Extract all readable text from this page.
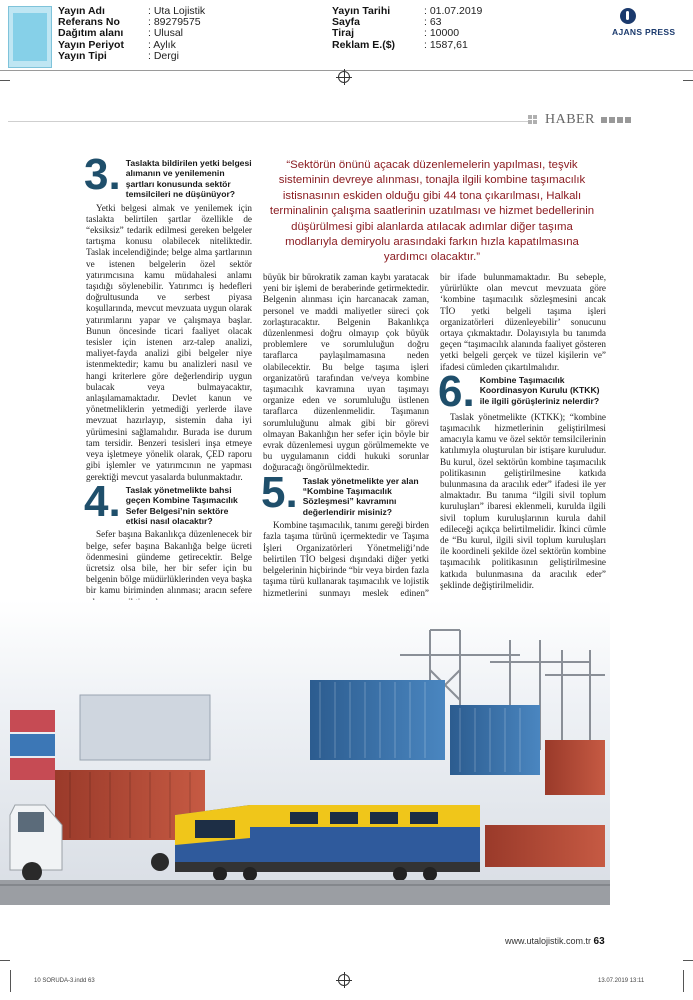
Yayın Adı	: Uta Lojistik
Referans No	: 89279575
Dağıtım alanı	: Ulusal
Yayın Periyot	: Aylık
Yayın Tipi	: Dergi
Yayın Tarihi	: 01.07.2019
Sayfa	: 63
Tiraj	: 10000
Reklam E.($)	: 1587,61
AJANS PRESS
HABER
3. Taslakta bildirilen yetki belgesi alımanın ve yenilemenin şartları konusunda sektör temsilcileri ne düşünüyor?

Yetki belgesi almak ve yenilemek için taslakta belirtilen şartlar özellikle de “eksiksiz” tedarik edilmesi gereken belgeler tartışma konusu olabilecek niteliktedir. Taslak incelendiğinde; belge alma şartlarının ve istenen belgelerin özel sektör yatırımcısına kamu müdahalesi anlamı taşıdığı söylenebilir. Yatırımcı iş hedefleri doğrultusunda ve serbest piyasa koşullarında, mevcut mevzuata uygun olarak yatırımlarını yapar ve çalışmaya başlar. Bunun öncesinde ticari faaliyet olacak tesisler için istenen arz-talep analizi, maliyet-fayda analizi gibi belgeler niye istenmektedir; kamu bu analizleri nasıl ve hangi kriterlere göre değerlendirip uygun bulacak veya bulmayacaktır, anlaşılamamaktadır. Devlet kanun ve yönetmeliklerin yetmediği yerlerde ilave mevzuat hazırlayıp, sistemin daha iyi yürümesini sağlamalıdır. Burada ise durum tam tersidir. Benzeri tesisleri inşa etmeye veya işletmeye yönelik olarak, ÇED raporu gibi işlemler ve yatırımcının ne yapması gerektiği mevcut yasalarda bulunmaktadır.

4. Taslak yönetmelikte bahsi geçen Kombine Taşımacılık Sefer Belgesi’nin sektöre etkisi nasıl olacaktır?

Sefer başına Bakanlıkça düzenlenecek bir belge, sefer başına Bakanlığa belge ücreti ödenmesini gündeme getirecektir. Belge ücretsiz olsa bile, her bir sefer için bu belgenin bölge müdürlüklerinden veya başka bir kamu biriminden alınması; aracın sefere

“Sektörün önünü açacak düzenlemelerin yapılması, teşvik sisteminin devreye alınması, tonajla ilgili kombine taşımacılık istisnasının eskiden olduğu gibi 44 tona çıkarılması, Halkalı terminalinin çalışma saatlerinin uzatılması ve hizmet bedellerinin düşürülmesi gibi alanlarda atılacak adımlar diğer taşıma modlarıyla demiryolu arasındaki farkın hızla kapatılmasına yardımcı olacaktır.”

büyük bir bürokratik zaman kaybı yaratacak yeni bir işlemi de beraberinde getirmektedir. Belgenin alınması için harcanacak zaman, personel ve maddi maliyetler süreci çok zorlaştıracaktır. Belgenin Bakanlıkça düzenlenmesi doğru olmayıp çok büyük problemlere ve sorumluluğun doğru taraflarca paylaşılmamasına neden olabilecektir. Bu belge taşıma işleri organizatörü tarafından ve/veya kombine taşımacılık kavramına uyan taşımayı organize eden ve sorumluluğu üstlenen taraflarca düzenlenmelidir. Taşımanın sorumluluğunu almak gibi bir görevi olmayan Bakanlığın her sefer için böyle bir evrak düzenlemesi uygun görülmemekte ve bu uygulamanın ciddi hukuki sorunlar doğuracağı öngörülmektedir.

5. Taslak yönetmelikte yer alan “Kombine Taşımacılık Sözleşmesi” kavramını değerlendirir misiniz?

Kombine taşımacılık, tanımı gereği birden fazla taşıma türünü içermektedir ve Taşıma İşleri Organizatörleri Yönetmeliği’nde belirtilen TİO belgesi dışındaki diğer yetki belgelerinin hiçbirinde “bir veya birden fazla taşıma türü kullanarak taşımacılık ve lojistik hizmetlerini sunmayı meslek edinen”

bir ifade bulunmamaktadır. Bu sebeple, yürürlükte olan mevcut mevzuata göre ‘kombine taşımacılık sözleşmesini ancak TİO yetki belgeli taşıma işleri organizatörleri düzenleyebilir’ sonucunu ortaya çıkmaktadır. Dolayısıyla bu tanımda geçen “taşımacılık alanında faaliyet gösteren yetki belgeli gerçek ve tüzel kişilerin ve” ifadesi cümleden çıkartılmalıdır.

6. Kombine Taşımacılık Koordinasyon Kurulu (KTKK) ile ilgili görüşleriniz nelerdir?

Taslak yönetmelikte (KTKK); “kombine taşımacılık hizmetlerinin geliştirilmesi amacıyla kamu ve özel sektör temsilcilerinin katılımıyla oluşturulan bir istişare kuruludur. Bu kurul, özel sektörün kombine taşımacılık politikasının geliştirilmesine katkıda bulunmasına da aracılık eder” ifadesi ile yer almaktadır. Bu tanıma “ilgili sivil toplum kuruluşları” ibaresi eklenmeli, kurulda ilgili sivil toplum kuruluşlarının kurula dahil edileceği açıkça belirtilmelidir. İkinci cümle de “Bu kurul, ilgili sivil toplum kuruluşları ile koordineli şekilde özel sektörün kombine taşımacılık politikasının geliştirilmesine katkıda bulunmasına da aracılık eder” şeklinde değiştirilmelidir.

www.utalojistik.com.tr 63
10 SORUDA-3.indd 63	13.07.2019 13:11
